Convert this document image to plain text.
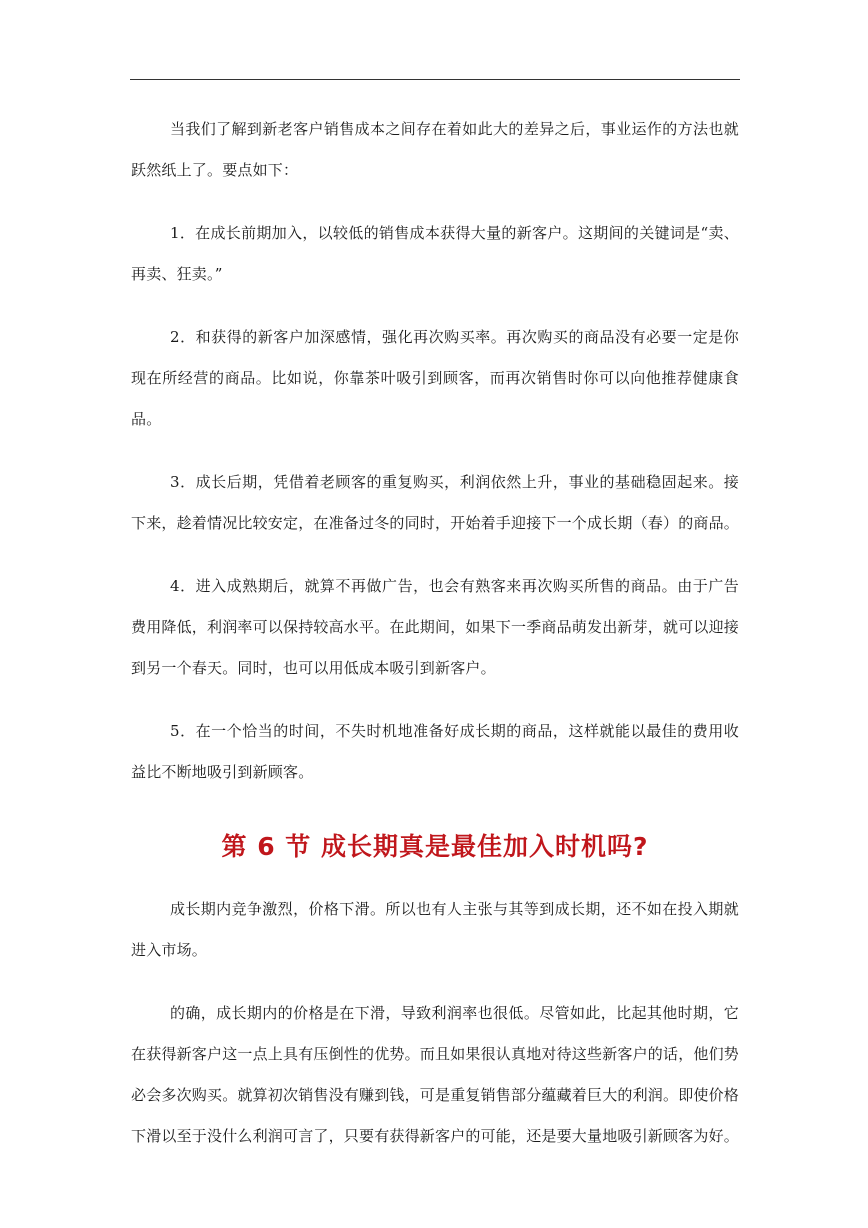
当我们了解到新老客户销售成本之间存在着如此大的差异之后，事业运作的方法也就跃然纸上了。要点如下：

1．在成长前期加入，以较低的销售成本获得大量的新客户。这期间的关键词是“卖、再卖、狂卖。”

2．和获得的新客户加深感情，强化再次购买率。再次购买的商品没有必要一定是你现在所经营的商品。比如说，你靠茶叶吸引到顾客，而再次销售时你可以向他推荐健康食品。

3．成长后期，凭借着老顾客的重复购买，利润依然上升，事业的基础稳固起来。接下来，趁着情况比较安定，在准备过冬的同时，开始着手迎接下一个成长期（春）的商品。

4．进入成熟期后，就算不再做广告，也会有熟客来再次购买所售的商品。由于广告费用降低，利润率可以保持较高水平。在此期间，如果下一季商品萌发出新芽，就可以迎接到另一个春天。同时，也可以用低成本吸引到新客户。

5．在一个恰当的时间，不失时机地准备好成长期的商品，这样就能以最佳的费用收益比不断地吸引到新顾客。

第 6 节 成长期真是最佳加入时机吗?

成长期内竞争激烈，价格下滑。所以也有人主张与其等到成长期，还不如在投入期就进入市场。

的确，成长期内的价格是在下滑，导致利润率也很低。尽管如此，比起其他时期，它在获得新客户这一点上具有压倒性的优势。而且如果很认真地对待这些新客户的话，他们势必会多次购买。就算初次销售没有赚到钱，可是重复销售部分蕴藏着巨大的利润。即使价格下滑以至于没什么利润可言了，只要有获得新客户的可能，还是要大量地吸引新顾客为好。
